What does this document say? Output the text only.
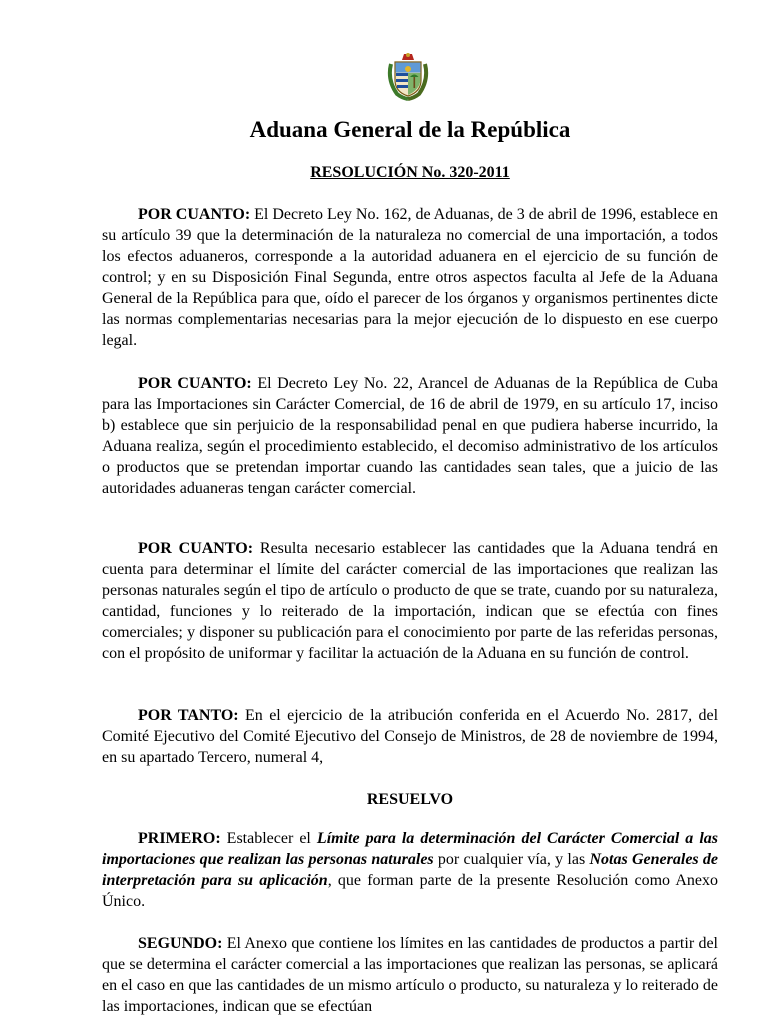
Aduana General de la República

RESOLUCIÓN No. 320-2011

POR CUANTO: El Decreto Ley No. 162, de Aduanas, de 3 de abril de 1996, establece en su artículo 39 que la determinación de la naturaleza no comercial de una importación, a todos los efectos aduaneros, corresponde a la autoridad aduanera en el ejercicio de su función de control; y en su Disposición Final Segunda, entre otros aspectos faculta al Jefe de la Aduana General de la República para que, oído el parecer de los órganos y organismos pertinentes dicte las normas complementarias necesarias para la mejor ejecución de lo dispuesto en ese cuerpo legal.

POR CUANTO: El Decreto Ley No. 22, Arancel de Aduanas de la República de Cuba para las Importaciones sin Carácter Comercial, de 16 de abril de 1979, en su artículo 17, inciso b) establece que sin perjuicio de la responsabilidad penal en que pudiera haberse incurrido, la Aduana realiza, según el procedimiento establecido, el decomiso administrativo de los artículos o productos que se pretendan importar cuando las cantidades sean tales, que a juicio de las autoridades aduaneras tengan carácter comercial.

POR CUANTO: Resulta necesario establecer las cantidades que la Aduana tendrá en cuenta para determinar el límite del carácter comercial de las importaciones que realizan las personas naturales según el tipo de artículo o producto de que se trate, cuando por su naturaleza, cantidad, funciones y lo reiterado de la importación, indican que se efectúa con fines comerciales; y disponer su publicación para el conocimiento por parte de las referidas personas, con el propósito de uniformar y facilitar la actuación de la Aduana en su función de control.

POR TANTO: En el ejercicio de la atribución conferida en el Acuerdo No. 2817, del Comité Ejecutivo del Comité Ejecutivo del Consejo de Ministros, de 28 de noviembre de 1994, en su apartado Tercero, numeral 4,

RESUELVO

PRIMERO: Establecer el Límite para la determinación del Carácter Comercial a las importaciones que realizan las personas naturales por cualquier vía, y las Notas Generales de interpretación para su aplicación, que forman parte de la presente Resolución como Anexo Único.

SEGUNDO: El Anexo que contiene los límites en las cantidades de productos a partir del que se determina el carácter comercial a las importaciones que realizan las personas, se aplicará en el caso en que las cantidades de un mismo artículo o producto, su naturaleza y lo reiterado de las importaciones, indican que se efectúan
